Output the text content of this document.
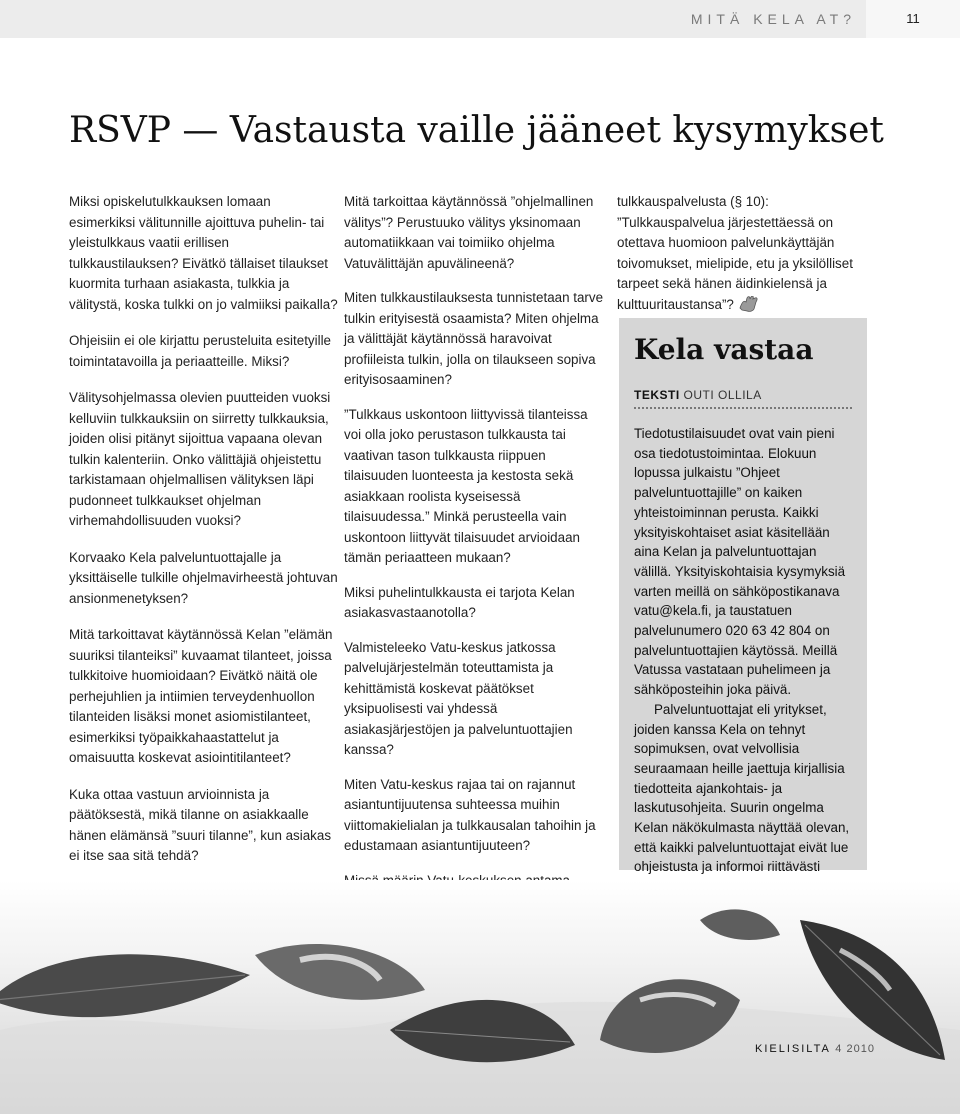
MITÄ KELA AT?	11
RSVP — Vastausta vaille jääneet kysymykset

Miksi opiskelutulkkauksen lomaan esimerkiksi välitunnille ajoittuva puhelin- tai yleistulkkaus vaatii erillisen tulkkaustilauksen? Eivätkö tällaiset tilaukset kuormita turhaan asiakasta, tulkkia ja välitystä, koska tulkki on jo valmiiksi paikalla?

Ohjeisiin ei ole kirjattu perusteluita esitetyille toimintatavoilla ja periaatteille. Miksi?

Välitysohjelmassa olevien puutteiden vuoksi kelluviin tulkkauksiin on siirretty tulkkauksia, joiden olisi pitänyt sijoittua vapaana olevan tulkin kalenteriin. Onko välittäjiä ohjeistettu tarkistamaan ohjelmallisen välityksen läpi pudonneet tulkkaukset ohjelman virhemahdollisuuden vuoksi?

Korvaako Kela palveluntuottajalle ja yksittäiselle tulkille ohjelmavirheestä johtuvan ansionmenetyksen?

Mitä tarkoittavat käytännössä Kelan ”elämän suuriksi tilanteiksi” kuvaamat tilanteet, joissa tulkkitoive huomioidaan? Eivätkö näitä ole perhejuhlien ja intiimien terveydenhuollon tilanteiden lisäksi monet asiomistilanteet, esimerkiksi työpaikkahaastattelut ja omaisuutta koskevat asiointitilanteet?

Kuka ottaa vastuun arvioinnista ja päätöksestä, mikä tilanne on asiakkaalle hänen elämänsä ”suuri tilanne”, kun asiakas ei itse saa sitä tehdä?

Mitä tarkoittaa käytännössä ”ohjelmallinen välitys”? Perustuuko välitys yksinomaan automatiikkaan vai toimiiko ohjelma Vatuvälittäjän apuvälineenä?

Miten tulkkaustilauksesta tunnistetaan tarve tulkin erityisestä osaamista? Miten ohjelma ja välittäjät käytännössä haravoivat profiileista tulkin, jolla on tilaukseen sopiva erityisosaaminen?

”Tulkkaus uskontoon liittyvissä tilanteissa voi olla joko perustason tulkkausta tai vaativan tason tulkkausta riippuen tilaisuuden luonteesta ja kestosta sekä asiakkaan roolista kyseisessä tilaisuudessa.” Minkä perusteella vain uskontoon liittyvät tilaisuudet arvioidaan tämän periaatteen mukaan?

Miksi puhelintulkkausta ei tarjota Kelan asiakasvastaanotolla?

Valmisteleeko Vatu-keskus jatkossa palvelujärjestelmän toteuttamista ja kehittämistä koskevat päätökset yksipuolisesti vai yhdessä asiakasjärjestöjen ja palveluntuottajien kanssa?

Miten Vatu-keskus rajaa tai on rajannut asiantuntijuutensa suhteessa muihin viittomakielialan ja tulkkausalan tahoihin ja edustamaan asiantuntijuuteen?

tulkkauspalvelusta (§ 10): ”Tulkkauspalvelua järjestettäessä on otettava huomioon palvelunkäyttäjän toivomukset, mielipide, etu ja yksilölliset tarpeet sekä hänen äidinkielensä ja kulttuuritaustansa”?

Kela vastaa
TEKSTI OUTI OLLILA

Tiedotustilaisuudet ovat vain pieni osa tiedotustoimintaa. Elokuun lopussa julkaistu ”Ohjeet palveluntuottajille” on kaiken yhteistoiminnan perusta. Kaikki yksityiskohtaiset asiat käsitellään aina Kelan ja palveluntuottajan välillä. Yksityiskohtaisia kysymyksiä varten meillä on sähköpostikanava vatu@kela.fi, ja taustatuen palvelunumero 020 63 42 804 on palveluntuottajien käytössä. Meillä Vatussa vastataan puhelimeen ja sähköposteihin joka päivä.

Palveluntuottajat eli yritykset, joiden kanssa Kela on tehnyt sopimuksen, ovat velvollisia seuraamaan heille jaettuja kirjallisia tiedotteita ajankohtais- ja laskutusohjeita. Suurin ongelma Kelan näkökulmasta näyttää olevan, että kaikki palveluntuottajat eivät lue ohjeistusta ja informoi riittävästi

KIELISILTA 4 2010
